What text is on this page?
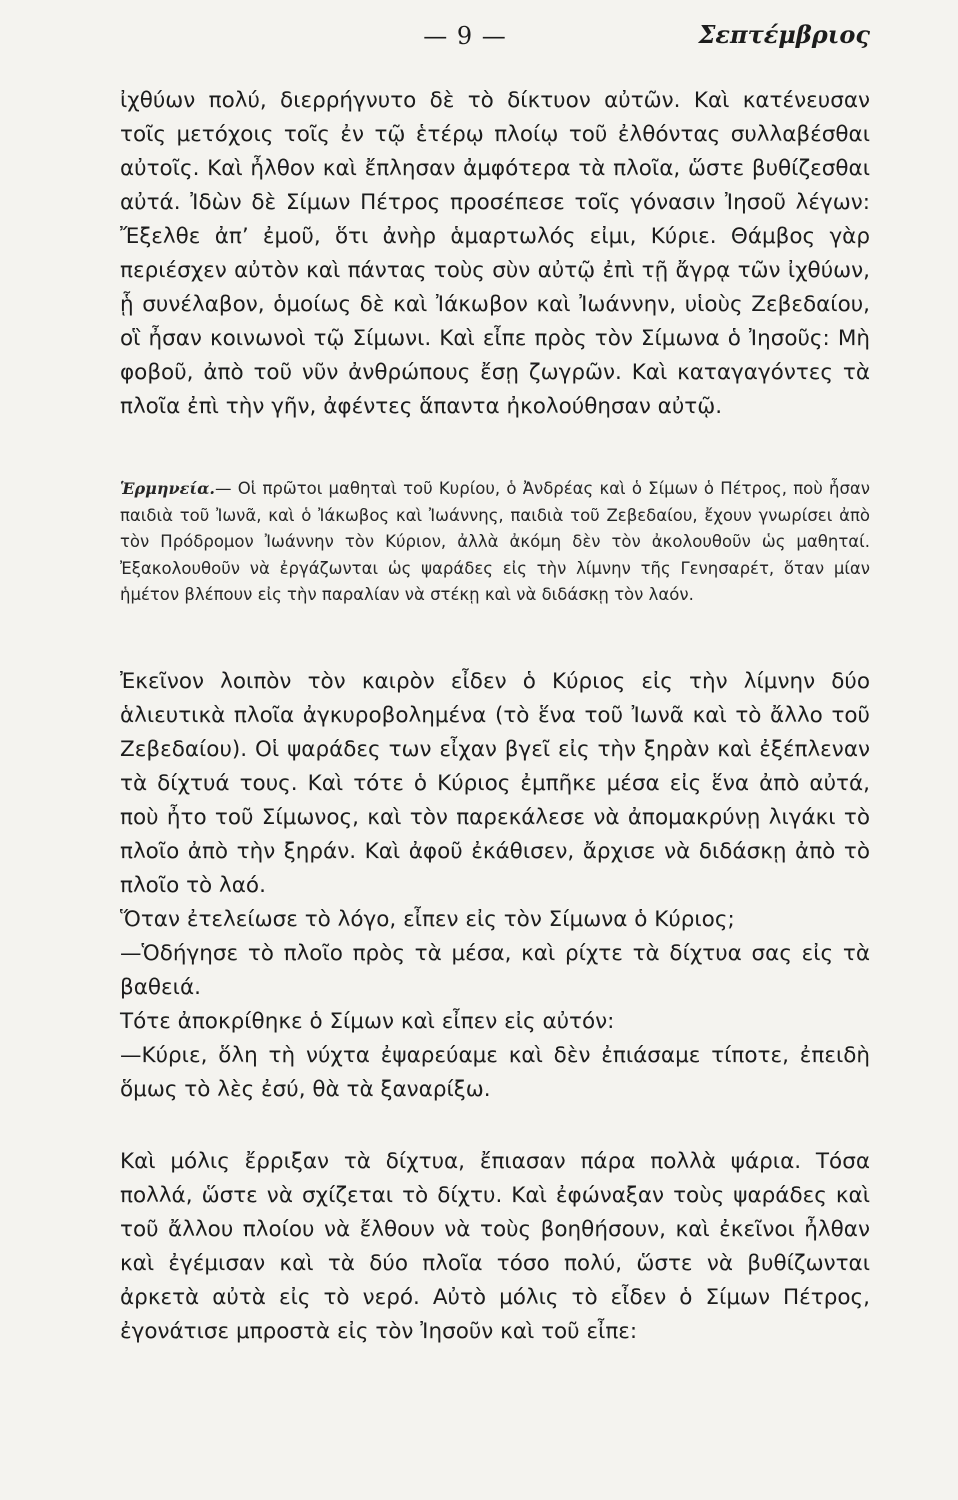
— 9 —	Σεπτέμβριος
ἰχθύων πολύ, διερρήγνυτο δὲ τὸ δίκτυον αὐτῶν. Καὶ κατένευσαν τοῖς μετόχοις τοῖς ἐν τῷ ἑτέρῳ πλοίῳ τοῦ ἐλθόντας συλλαβέσθαι αὐτοῖς. Καὶ ἦλθον καὶ ἔπλησαν ἀμφότερα τὰ πλοῖα, ὥστε βυθίζεσθαι αὐτά. Ἰδὼν δὲ Σίμων Πέτρος προσέπεσε τοῖς γόνασιν Ἰησοῦ λέγων: Ἔξελθε ἀπ’ ἐμοῦ, ὅτι ἀνὴρ ἁμαρτωλός εἰμι, Κύριε. Θάμβος γὰρ περιέσχεν αὐτὸν καὶ πάντας τοὺς σὺν αὐτῷ ἐπὶ τῇ ἄγρᾳ τῶν ἰχθύων, ᾗ συνέλαβον, ὁμοίως δὲ καὶ Ἰάκωβον καὶ Ἰωάννην, υἱοὺς Ζεβεδαίου, οἳ ἦσαν κοινωνοὶ τῷ Σίμωνι. Καὶ εἶπε πρὸς τὸν Σίμωνα ὁ Ἰησοῦς: Μὴ φοβοῦ, ἀπὸ τοῦ νῦν ἀνθρώπους ἔσῃ ζωγρῶν. Καὶ καταγαγόντες τὰ πλοῖα ἐπὶ τὴν γῆν, ἀφέντες ἅπαντα ἠκολούθησαν αὐτῷ.
Ἑρμηνεία.— Οἱ πρῶτοι μαθηταὶ τοῦ Κυρίου, ὁ Ἀνδρέας καὶ ὁ Σίμων ὁ Πέτρος, ποὺ ἦσαν παιδιὰ τοῦ Ἰωνᾶ, καὶ ὁ Ἰάκωβος καὶ Ἰωάννης, παιδιὰ τοῦ Ζεβεδαίου, ἔχουν γνωρίσει ἀπὸ τὸν Πρόδρομον Ἰωάννην τὸν Κύριον, ἀλλὰ ἀκόμη δὲν τὸν ἀκολουθοῦν ὡς μαθηταί. Ἐξακολουθοῦν νὰ ἐργάζωνται ὡς ψαράδες εἰς τὴν λίμνην τῆς Γενησαρέτ, ὅταν μίαν ἡμέτον βλέπουν εἰς τὴν παραλίαν νὰ στέκῃ καὶ νὰ διδάσκῃ τὸν λαόν.

Ἐκεῖνον λοιπὸν τὸν καιρὸν εἶδεν ὁ Κύριος εἰς τὴν λίμνην δύο ἁλιευτικὰ πλοῖα ἀγκυροβολημένα (τὸ ἕνα τοῦ Ἰωνᾶ καὶ τὸ ἄλλο τοῦ Ζεβεδαίου). Οἱ ψαράδες των εἶχαν βγεῖ εἰς τὴν ξηρὰν καὶ ἐξέπλεναν τὰ δίχτυά τους. Καὶ τότε ὁ Κύριος ἐμπῆκε μέσα εἰς ἕνα ἀπὸ αὐτά, ποὺ ἦτο τοῦ Σίμωνος, καὶ τὸν παρεκάλεσε νὰ ἀπομακρύνῃ λιγάκι τὸ πλοῖο ἀπὸ τὴν ξηράν. Καὶ ἀφοῦ ἐκάθισεν, ἄρχισε νὰ διδάσκῃ ἀπὸ τὸ πλοῖο τὸ λαό.

Ὅταν ἐτελείωσε τὸ λόγο, εἶπεν εἰς τὸν Σίμωνα ὁ Κύριος;

—Ὁδήγησε τὸ πλοῖο πρὸς τὰ μέσα, καὶ ρίχτε τὰ δίχτυα σας εἰς τὰ βαθειά.

Τότε ἀποκρίθηκε ὁ Σίμων καὶ εἶπεν εἰς αὐτόν:

—Κύριε, ὅλη τὴ νύχτα ἐψαρεύαμε καὶ δὲν ἐπιάσαμε τίποτε, ἐπειδὴ ὅμως τὸ λὲς ἐσύ, θὰ τὰ ξαναρίξω.

Καὶ μόλις ἔρριξαν τὰ δίχτυα, ἔπιασαν πάρα πολλὰ ψάρια. Τόσα πολλά, ὥστε νὰ σχίζεται τὸ δίχτυ. Καὶ ἐφώναξαν τοὺς ψαράδες καὶ τοῦ ἄλλου πλοίου νὰ ἔλθουν νὰ τοὺς βοηθήσουν, καὶ ἐκεῖνοι ἦλθαν καὶ ἐγέμισαν καὶ τὰ δύο πλοῖα τόσο πολύ, ὥστε νὰ βυθίζωνται ἀρκετὰ αὐτὰ εἰς τὸ νερό. Αὐτὸ μόλις τὸ εἶδεν ὁ Σίμων Πέτρος, ἐγονάτισε μπροστὰ εἰς τὸν Ἰησοῦν καὶ τοῦ εἶπε:
